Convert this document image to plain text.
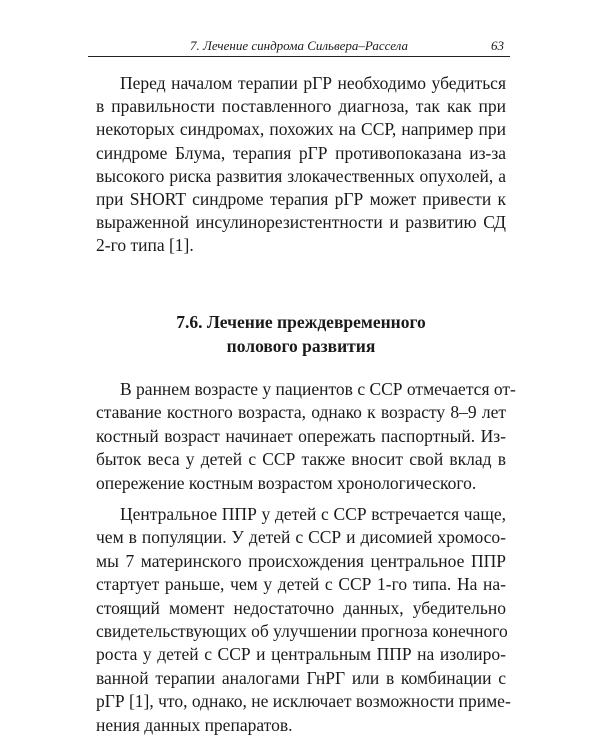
7. Лечение синдрома Сильвера–Рассела	63
Перед началом терапии рГР необходимо убедиться
в правильности поставленного диагноза, так как при
некоторых синдромах, похожих на ССР, например при
синдроме Блума, терапия рГР противопоказана из-за
высокого риска развития злокачественных опухолей, а
при SHORT синдроме терапия рГР может привести к
выраженной инсулинорезистентности и развитию СД
2-го типа [1].
7.6. Лечение преждевременного
полового развития
В раннем возрасте у пациентов с ССР отмечается от-
ставание костного возраста, однако к возрасту 8–9 лет
костный возраст начинает опережать паспортный. Из-
быток веса у детей с ССР также вносит свой вклад в
опережение костным возрастом хронологического.
Центральное ППР у детей с ССР встречается чаще,
чем в популяции. У детей с ССР и дисомией хромосо-
мы 7 материнского происхождения центральное ППР
стартует раньше, чем у детей с ССР 1-го типа. На на-
стоящий момент недостаточно данных, убедительно
свидетельствующих об улучшении прогноза конечного
роста у детей с ССР и центральным ППР на изолиро-
ванной терапии аналогами ГнРГ или в комбинации с
рГР [1], что, однако, не исключает возможности приме-
нения данных препаратов.
